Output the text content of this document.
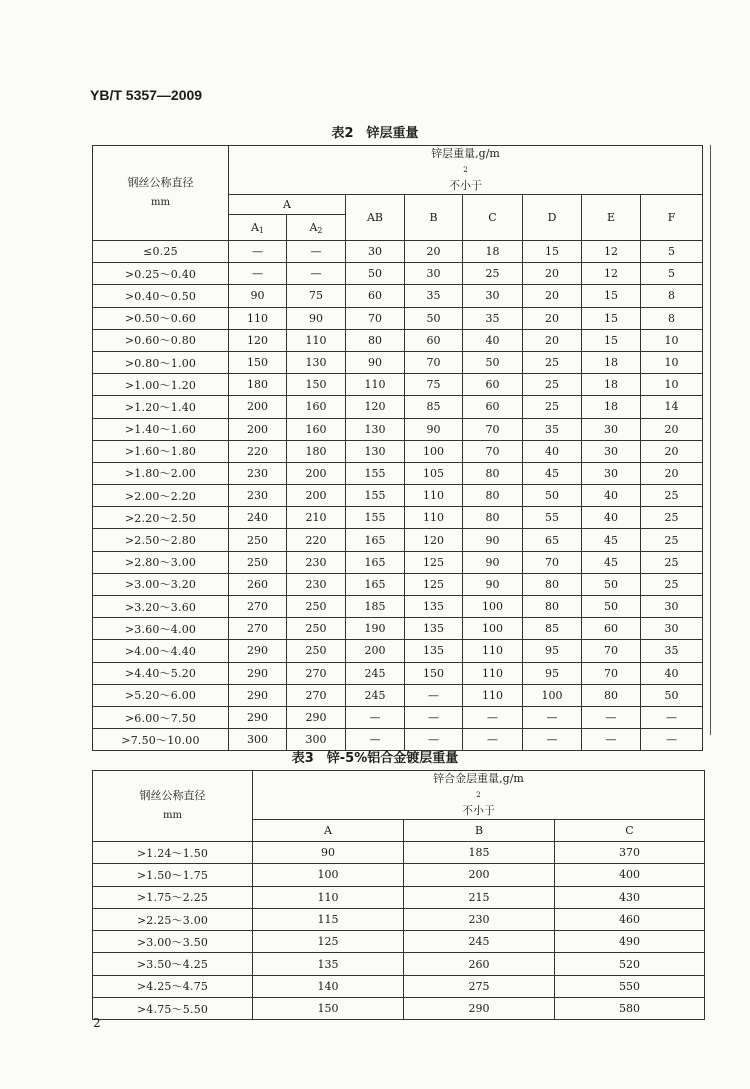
YB/T 5357—2009

表2　锌层重量

钢丝公称直径
mm	锌层重量,g/m
2
不小于							

	A		AB	B	C	D	E	F
	$A_1$	$A_2$
≤0.25	—	—	30	20	18	15	12	5
>0.25～0.40	—	—	50	30	25	20	12	5
>0.40～0.50	90	75	60	35	30	20	15	8
>0.50～0.60	110	90	70	50	35	20	15	8
>0.60～0.80	120	110	80	60	40	20	15	10
>0.80～1.00	150	130	90	70	50	25	18	10
>1.00～1.20	180	150	110	75	60	25	18	10
>1.20～1.40	200	160	120	85	60	25	18	14
>1.40～1.60	200	160	130	90	70	35	30	20
>1.60～1.80	220	180	130	100	70	40	30	20
>1.80～2.00	230	200	155	105	80	45	30	20
>2.00～2.20	230	200	155	110	80	50	40	25
>2.20～2.50	240	210	155	110	80	55	40	25
>2.50～2.80	250	220	165	120	90	65	45	25
>2.80～3.00	250	230	165	125	90	70	45	25
>3.00～3.20	260	230	165	125	90	80	50	25
>3.20～3.60	270	250	185	135	100	80	50	30
>3.60～4.00	270	250	190	135	100	85	60	30
>4.00～4.40	290	250	200	135	110	95	70	35
>4.40～5.20	290	270	245	150	110	95	70	40
>5.20～6.00	290	270	245	—	110	100	80	50
>6.00～7.50	290	290	—	—	—	—	—	—
>7.50～10.00	300	300	—	—	—	—	—	—

表3　锌-5%铝合金镀层重量

钢丝公称直径
mm	锌合金层重量,g/m
2
不小于		

	A	B	C
>1.24～1.50	90	185	370
>1.50～1.75	100	200	400
>1.75～2.25	110	215	430
>2.25～3.00	115	230	460
>3.00～3.50	125	245	490
>3.50～4.25	135	260	520
>4.25～4.75	140	275	550
>4.75～5.50	150	290	580

2
